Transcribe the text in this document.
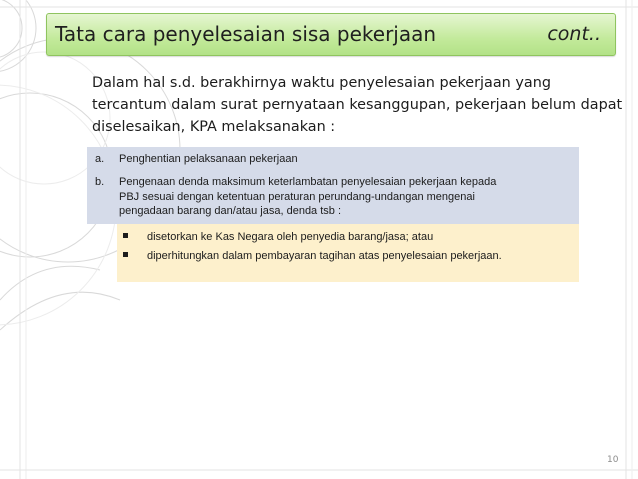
Tata cara penyelesaian sisa pekerjaan	cont..
Dalam hal s.d. berakhirnya waktu penyelesaian pekerjaan yang
tercantum dalam surat pernyataan kesanggupan, pekerjaan belum dapat
diselesaikan, KPA melaksanakan :
a. Penghentian pelaksanaan pekerjaan
b. Pengenaan denda maksimum keterlambatan penyelesaian pekerjaan kepada
PBJ sesuai dengan ketentuan peraturan perundang-undangan mengenai
pengadaan barang dan/atau jasa, denda tsb :
disetorkan ke Kas Negara oleh penyedia barang/jasa; atau
diperhitungkan dalam pembayaran tagihan atas penyelesaian pekerjaan.
10
